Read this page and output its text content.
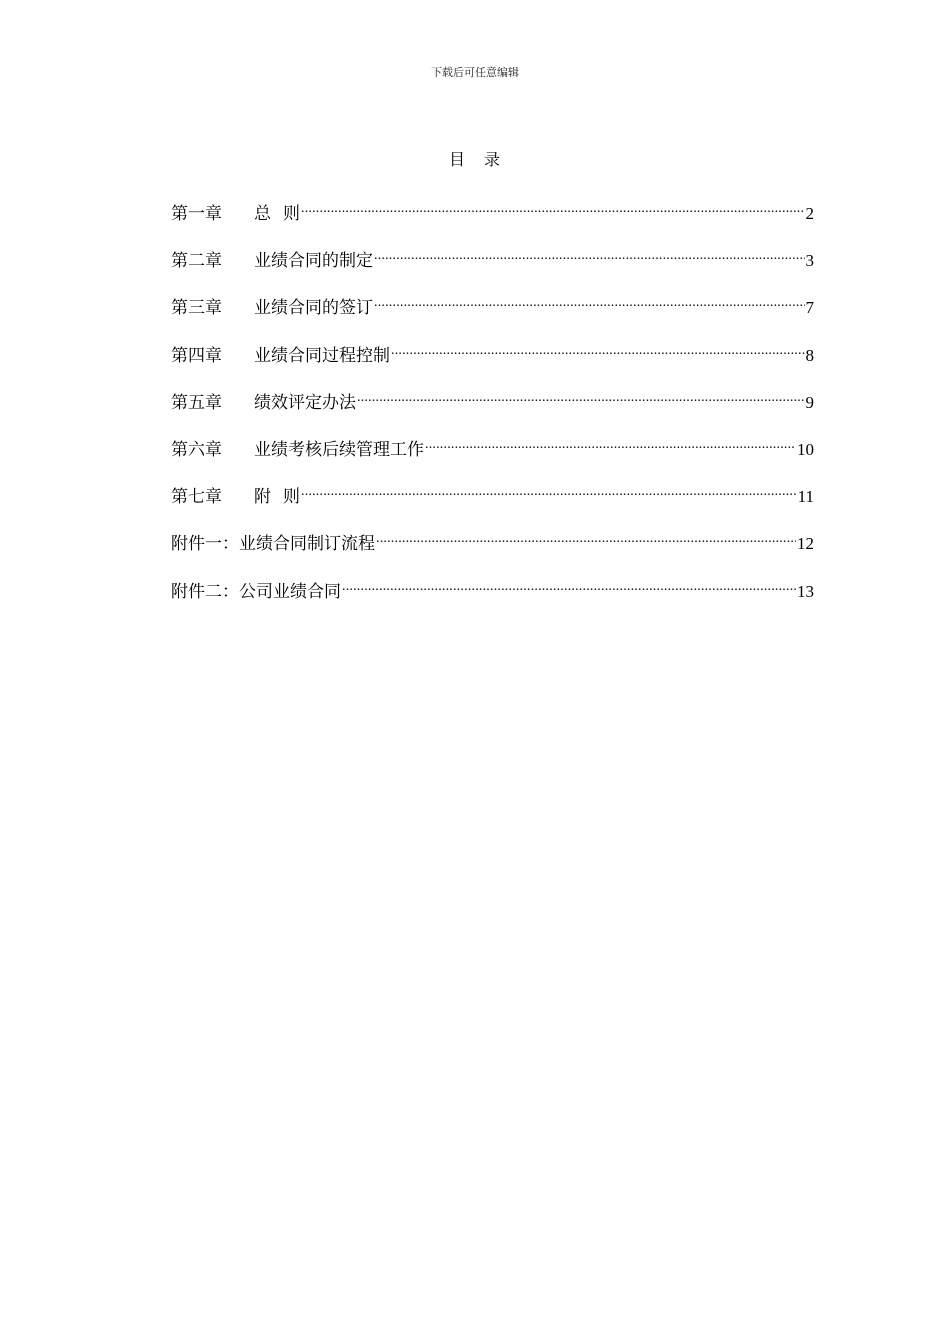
下载后可任意编辑
目 录
第一章	总 则 .....	2
第二章	业绩合同的制定 .....	3
第三章	业绩合同的签订 .....	7
第四章	业绩合同过程控制 .....	8
第五章	绩效评定办法 .....	9
第六章	业绩考核后续管理工作 .....	10
第七章	附 则 .....	11
附件一： 业绩合同制订流程 .....	12
附件二： 公司业绩合同 .....	13
